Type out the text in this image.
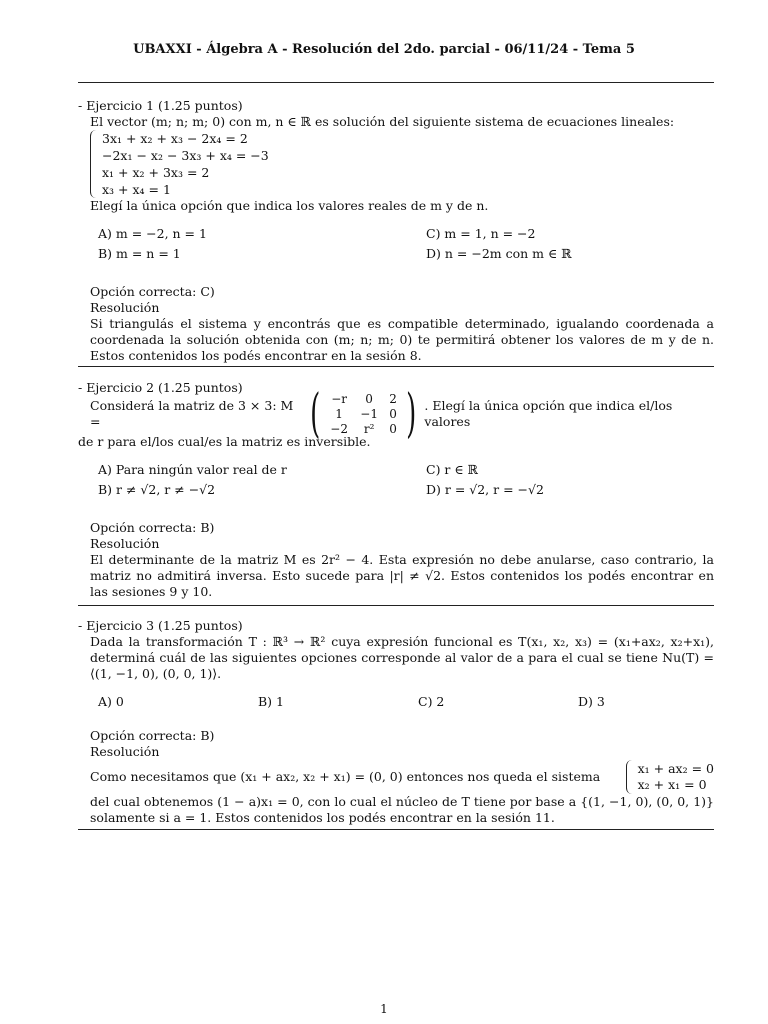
UBAXXI - Álgebra A - Resolución del 2do. parcial - 06/11/24 - Tema 5
- Ejercicio 1 (1.25 puntos)
El vector (m; n; m; 0) con m, n ∈ ℝ es solución del siguiente sistema de ecuaciones lineales:
3x₁ + x₂ + x₃ − 2x₄ = 2
−2x₁ − x₂ − 3x₃ + x₄ = −3
x₁ + x₂ + 3x₃ = 2
x₃ + x₄ = 1
Elegí la única opción que indica los valores reales de m y de n.
A) m = −2, n = 1	C) m = 1, n = −2
B) m = n = 1	D) n = −2m con m ∈ ℝ
Opción correcta: C)
Resolución
Si triangulás el sistema y encontrás que es compatible determinado, igualando coordenada a coordenada la solución obtenida con (m; n; m; 0) te permitirá obtener los valores de m y de n. Estos contenidos los podés encontrar en la sesión 8.
- Ejercicio 2 (1.25 puntos)
Considerá la matriz de 3 × 3: M =	( −r	0	2
1	−1 0
−2	r²	0 ) . Elegí la única opción que indica el/los valores
de r para el/los cual/es la matriz es inversible.
A) Para ningún valor real de r	C) r ∈ ℝ
B) r ≠ √2, r ≠ −√2	D) r = √2, r = −√2
Opción correcta: B)
Resolución
El determinante de la matriz M es 2r² − 4. Esta expresión no debe anularse, caso contrario, la matriz no admitirá inversa. Esto sucede para |r| ≠ √2. Estos contenidos los podés encontrar en las sesiones 9 y 10.
- Ejercicio 3 (1.25 puntos)
Dada la transformación T : ℝ³ → ℝ² cuya expresión funcional es T(x₁, x₂, x₃) = (x₁+ax₂, x₂+x₁), determiná cuál de las siguientes opciones corresponde al valor de a para el cual se tiene Nu(T) = ⟨(1, −1, 0), (0, 0, 1)⟩.
A) 0	B) 1	C) 2	D) 3
Opción correcta: B)
Resolución
Como necesitamos que (x₁ + ax₂, x₂ + x₁) = (0, 0) entonces nos queda el sistema
x₁ + ax₂ = 0
x₂ + x₁ = 0
del cual obtenemos (1 − a)x₁ = 0, con lo cual el núcleo de T tiene por base a {(1, −1, 0), (0, 0, 1)} solamente si a = 1. Estos contenidos los podés encontrar en la sesión 11.
1
